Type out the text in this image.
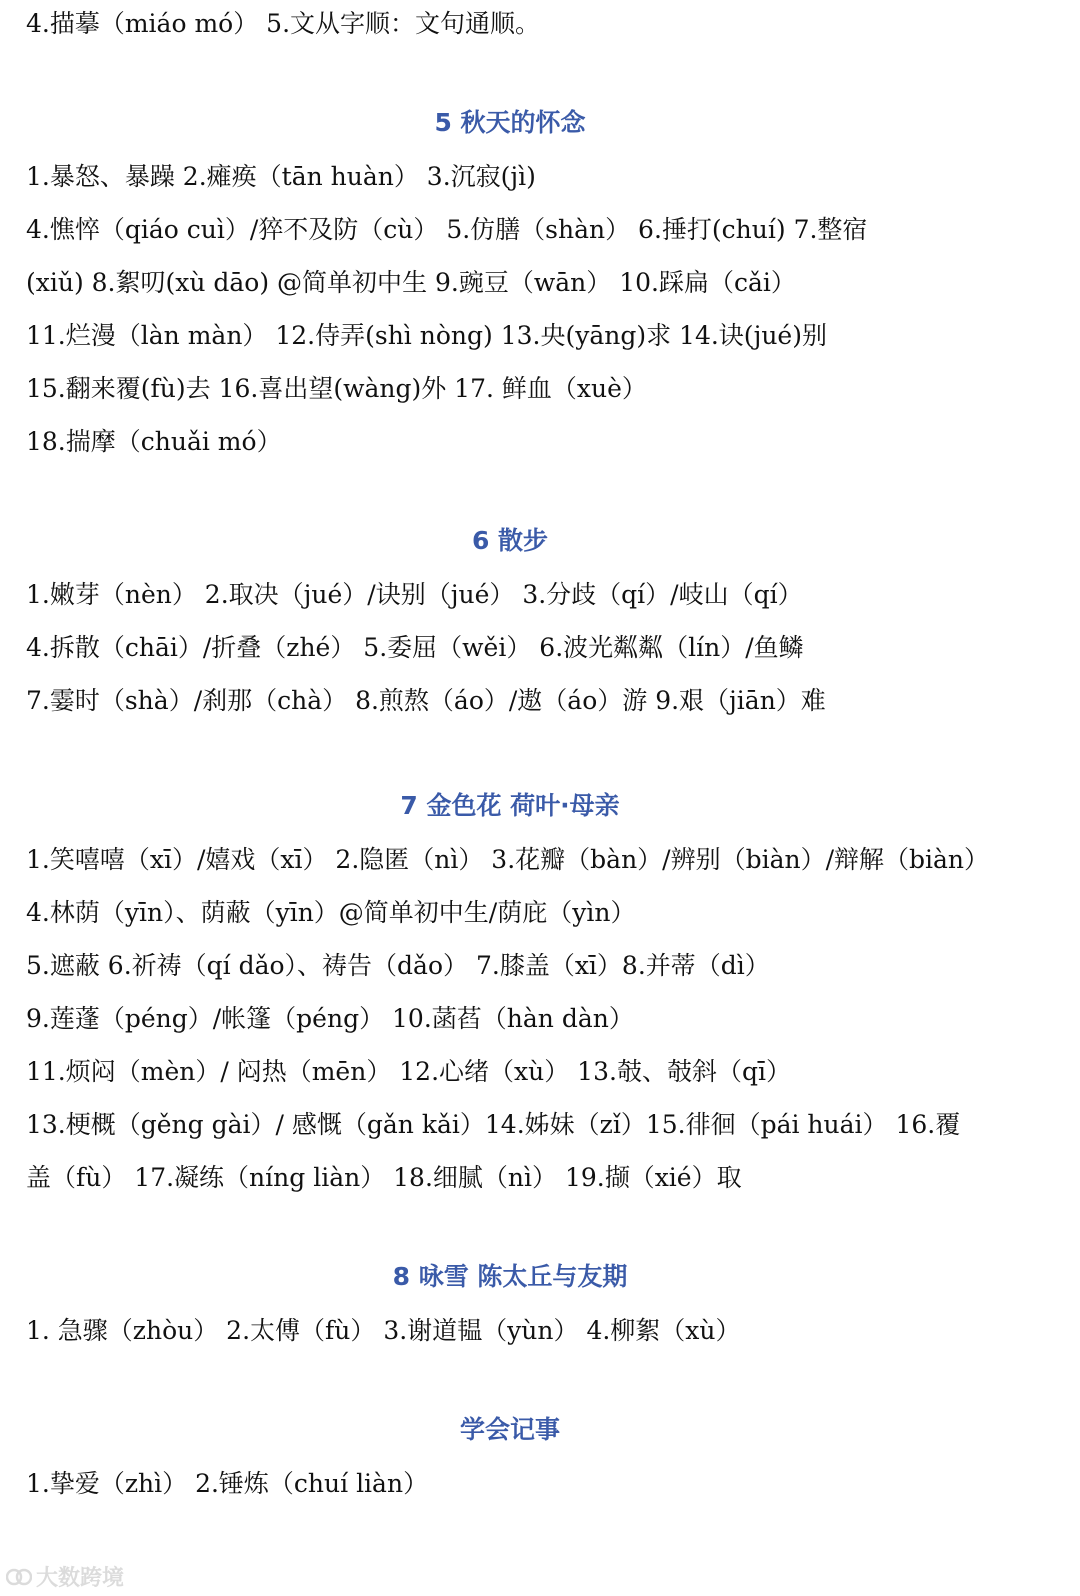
4.描摹（miáo mó） 5.文从字顺：文句通顺。
5 秋天的怀念
1.暴怒、暴躁 2.瘫痪（tān huàn） 3.沉寂(jì)
4.憔悴（qiáo cuì）/猝不及防（cù） 5.仿膳（shàn） 6.捶打(chuí) 7.整宿
(xiǔ) 8.絮叨(xù dāo) @简单初中生 9.豌豆（wān） 10.踩扁（cǎi）
11.烂漫（làn màn） 12.侍弄(shì nòng) 13.央(yāng)求 14.诀(jué)别
15.翻来覆(fù)去 16.喜出望(wàng)外 17. 鲜血（xuè）
18.揣摩（chuǎi mó）
6 散步
1.嫩芽（nèn） 2.取决（jué）/诀别（jué） 3.分歧（qí）/岐山（qí）
4.拆散（chāi）/折叠（zhé） 5.委屈（wěi） 6.波光粼粼（lín）/鱼鳞
7.霎时（shà）/刹那（chà） 8.煎熬（áo）/遨（áo）游 9.艰（jiān）难
7 金色花 荷叶·母亲
1.笑嘻嘻（xī）/嬉戏（xī） 2.隐匿（nì） 3.花瓣（bàn）/辨别（biàn）/辩解（biàn）
4.林荫（yīn）、荫蔽（yīn）@简单初中生/荫庇（yìn）
5.遮蔽 6.祈祷（qí dǎo）、祷告（dǎo） 7.膝盖（xī）8.并蒂（dì）
9.莲蓬（péng）/帐篷（péng） 10.菡萏（hàn dàn）
11.烦闷（mèn）/ 闷热（mēn） 12.心绪（xù） 13.攲、攲斜（qī）
13.梗概（gěng gài）/ 感慨（gǎn kǎi）14.姊妹（zǐ）15.徘徊（pái huái） 16.覆
盖（fù） 17.凝练（níng liàn） 18.细腻（nì） 19.撷（xié）取
8 咏雪 陈太丘与友期
1. 急骤（zhòu） 2.太傅（fù） 3.谢道韫（yùn） 4.柳絮（xù）
学会记事
1.挚爱（zhì） 2.锤炼（chuí liàn）
大数跨境
